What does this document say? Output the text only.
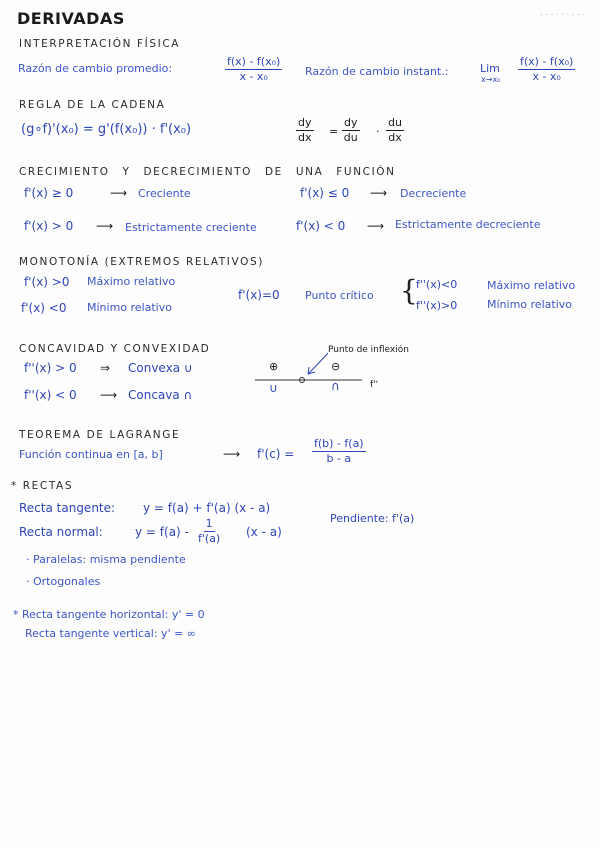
DERIVADAS	- - - · · · - - ·
INTERPRETACIÓN FÍSICA
Razón de cambio promedio:	$\frac{\text{f(x) - f(x₀)}}{\text{x - x₀}}$ Razón de cambio instant.:	Lim
$x\to x_0 \frac{\text{f(x) - f(x₀)}}{\text{x - x₀}}$
REGLA DE LA CADENA
(g∘f)'(x₀) = g'(f(x₀)) · f'(x₀)	$\frac{dy}{dx} = \frac{dy}{du} \cdot \frac{du}{dx}$
CRECIMIENTO Y DECRECIMIENTO DE UNA FUNCIÓN
f'(x) ≥ 0	⟶ Creciente
f'(x) > 0 ⟶ Estrictamente creciente
f'(x) ≤ 0 ⟶ Decreciente
f'(x) < 0 ⟶ Estrictamente decreciente
MONOTONÍA (EXTREMOS RELATIVOS)
f'(x) >0 Máximo relativo
f'(x) <0 Mínimo relativo
f'(x)=0 Punto crítico {
f''(x)<0	Máximo relativo
f''(x)>0	Mínimo relativo
CONCAVIDAD Y CONVEXIDAD
f''(x) > 0 ⇒ Convexa ∪
f''(x) < 0 ⟶ Concava ∩
Punto de inflexión
⊕	⊖
∪	∩	f''
TEOREMA DE LAGRANGE
Función continua en [a, b]	⟶ $f'(c) = \frac{f(b) - f(a)}{b - a}$
* RECTAS
Recta tangente: y = f(a) + f'(a) (x - a)
Recta normal:	$y = f(a) - \frac{1}{f'(a)} (x - a)$
Pendiente: f'(a)
· Paralelas: misma pendiente
· Ortogonales
* Recta tangente horizontal: y' = 0
Recta tangente vertical: y' = ∞
